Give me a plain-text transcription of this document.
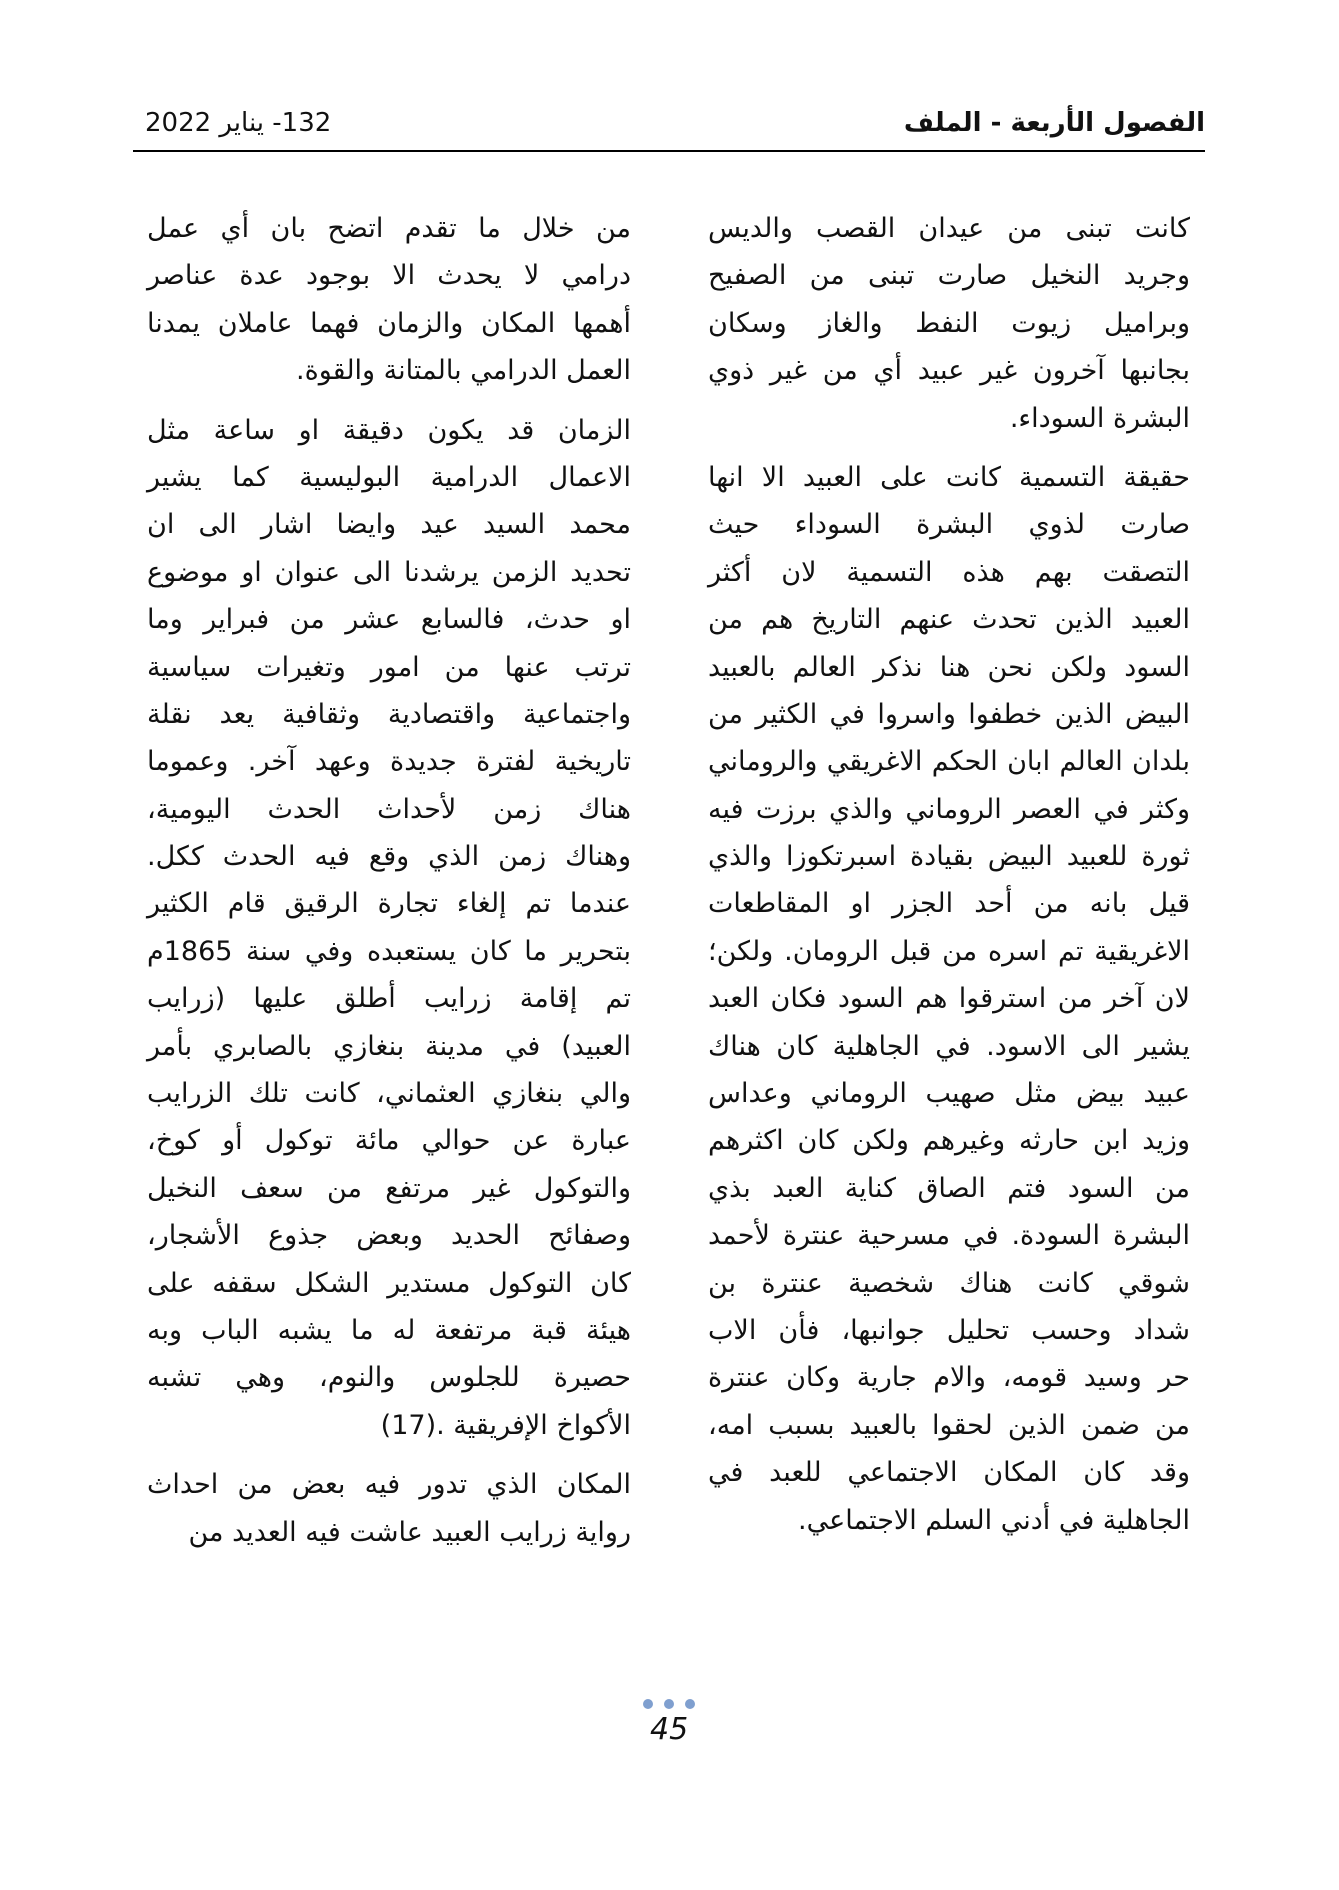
الفصول الأربعة - الملف
132- يناير 2022
كانت تبنى من عيدان القصب والديس
وجريد النخيل صارت تبنى من الصفيح
وبراميل زيوت النفط والغاز وسكان
بجانبها آخرون غير عبيد أي من غير ذوي
البشرة السوداء.
حقيقة التسمية كانت على العبيد الا انها
صارت لذوي البشرة السوداء حيث
التصقت بهم هذه التسمية لان أكثر
العبيد الذين تحدث عنهم التاريخ هم من
السود ولكن نحن هنا نذكر العالم بالعبيد
البيض الذين خطفوا واسروا في الكثير من
بلدان العالم ابان الحكم الاغريقي والروماني
وكثر في العصر الروماني والذي برزت فيه
ثورة للعبيد البيض بقيادة اسبرتكوزا والذي
قيل بانه من أحد الجزر او المقاطعات
الاغريقية تم اسره من قبل الرومان. ولكن؛
لان آخر من استرقوا هم السود فكان العبد
يشير الى الاسود. في الجاهلية كان هناك
عبيد بيض مثل صهيب الروماني وعداس
وزيد ابن حارثه وغيرهم ولكن كان اكثرهم
من السود فتم الصاق كناية العبد بذي
البشرة السودة. في مسرحية عنترة لأحمد
شوقي كانت هناك شخصية عنترة بن
شداد وحسب تحليل جوانبها، فأن الاب
حر وسيد قومه، والام جارية وكان عنترة
من ضمن الذين لحقوا بالعبيد بسبب امه،
وقد كان المكان الاجتماعي للعبد في
الجاهلية في أدني السلم الاجتماعي.
من خلال ما تقدم اتضح بان أي عمل
درامي لا يحدث الا بوجود عدة عناصر
أهمها المكان والزمان فهما عاملان يمدنا
العمل الدرامي بالمتانة والقوة.
الزمان قد يكون دقيقة او ساعة مثل
الاعمال الدرامية البوليسية كما يشير
محمد السيد عيد وايضا اشار الى ان
تحديد الزمن يرشدنا الى عنوان او موضوع
او حدث، فالسابع عشر من فبراير وما
ترتب عنها من امور وتغيرات سياسية
واجتماعية واقتصادية وثقافية يعد نقلة
تاريخية لفترة جديدة وعهد آخر. وعموما
هناك زمن لأحداث الحدث اليومية،
وهناك زمن الذي وقع فيه الحدث ككل.
عندما تم إلغاء تجارة الرقيق قام الكثير
بتحرير ما كان يستعبده وفي سنة 1865م
تم إقامة زرايب أطلق عليها (زرايب
العبيد) في مدينة بنغازي بالصابري بأمر
والي بنغازي العثماني، كانت تلك الزرايب
عبارة عن حوالي مائة توكول أو كوخ،
والتوكول غير مرتفع من سعف النخيل
وصفائح الحديد وبعض جذوع الأشجار،
كان التوكول مستدير الشكل سقفه على
هيئة قبة مرتفعة له ما يشبه الباب وبه
حصيرة للجلوس والنوم، وهي تشبه
الأكواخ الإفريقية .(17)
المكان الذي تدور فيه بعض من احداث
رواية زرايب العبيد عاشت فيه العديد من
45
